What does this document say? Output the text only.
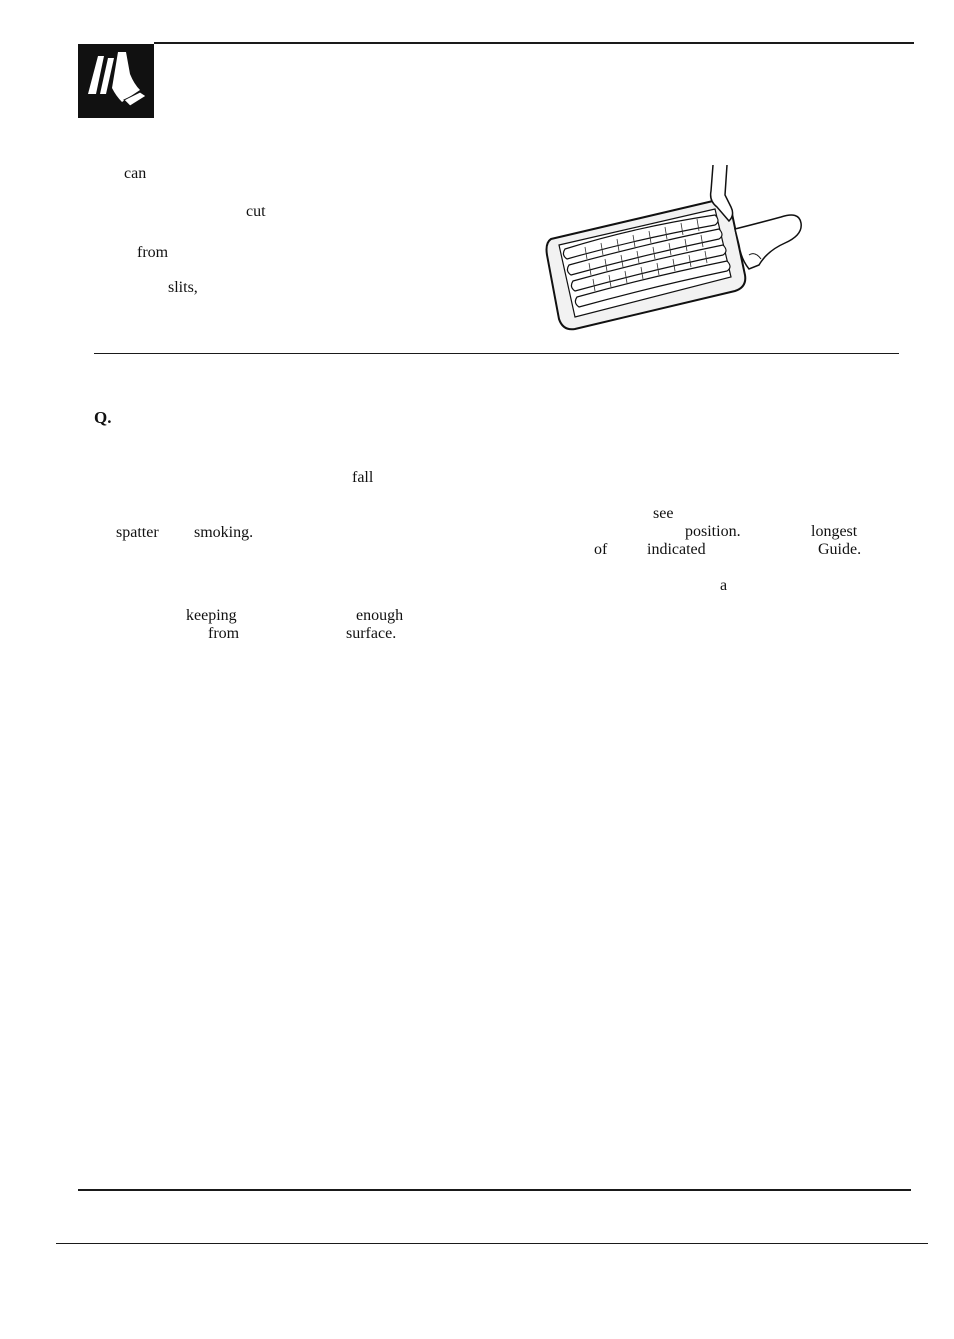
can
cut
from
slits,
Q.
fall
spatter smoking.
keeping	enough
from	surface.
see
position.	longest
of indicated	Guide.
a
